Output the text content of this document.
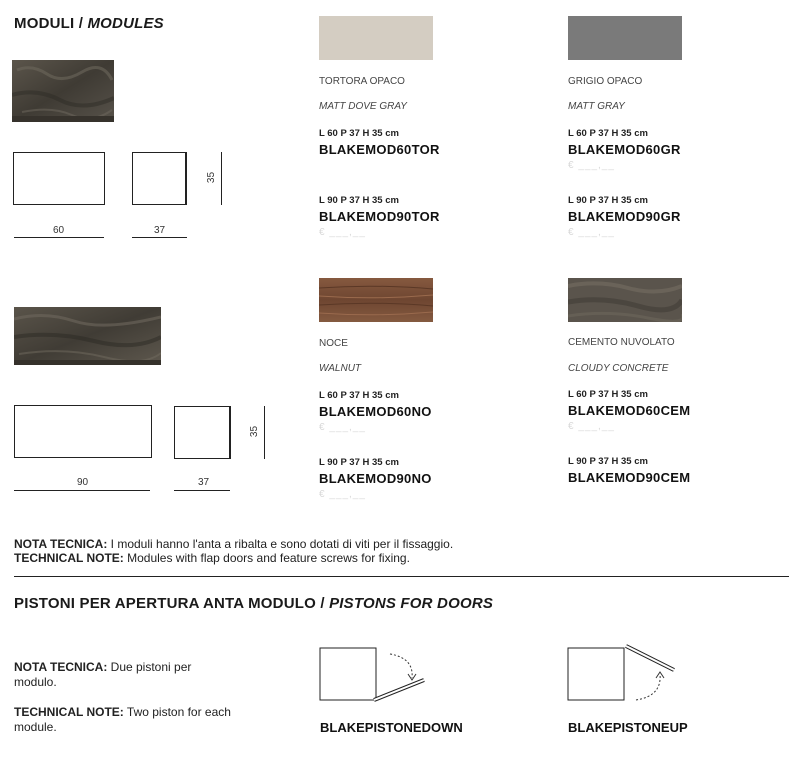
MODULI / MODULES
60	37
35
90	37
35
TORTORA OPACO
MATT DOVE GRAY
L 60 P 37 H 35 cm
BLAKEMOD60TOR
L 90 P 37 H 35 cm
BLAKEMOD90TOR
€ ___,__
GRIGIO OPACO
MATT GRAY
L 60 P 37 H 35 cm
BLAKEMOD60GR
€ ___,__
L 90 P 37 H 35 cm
BLAKEMOD90GR
€ ___,__
NOCE
WALNUT
L 60 P 37 H 35 cm
BLAKEMOD60NO
€ ___,__
L 90 P 37 H 35 cm
BLAKEMOD90NO
€ ___,__
CEMENTO NUVOLATO
CLOUDY CONCRETE
L 60 P 37 H 35 cm
BLAKEMOD60CEM
€ ___,__
L 90 P 37 H 35 cm
BLAKEMOD90CEM
NOTA TECNICA: I moduli hanno l'anta a ribalta e sono dotati di viti per il fissaggio.
TECHNICAL NOTE: Modules with flap doors and feature screws for fixing.
PISTONI PER APERTURA ANTA MODULO / PISTONS FOR DOORS
NOTA TECNICA: Due pistoni per modulo.
TECHNICAL NOTE: Two piston for each module.	BLAKEPISTONEDOWN	BLAKEPISTONEUP
